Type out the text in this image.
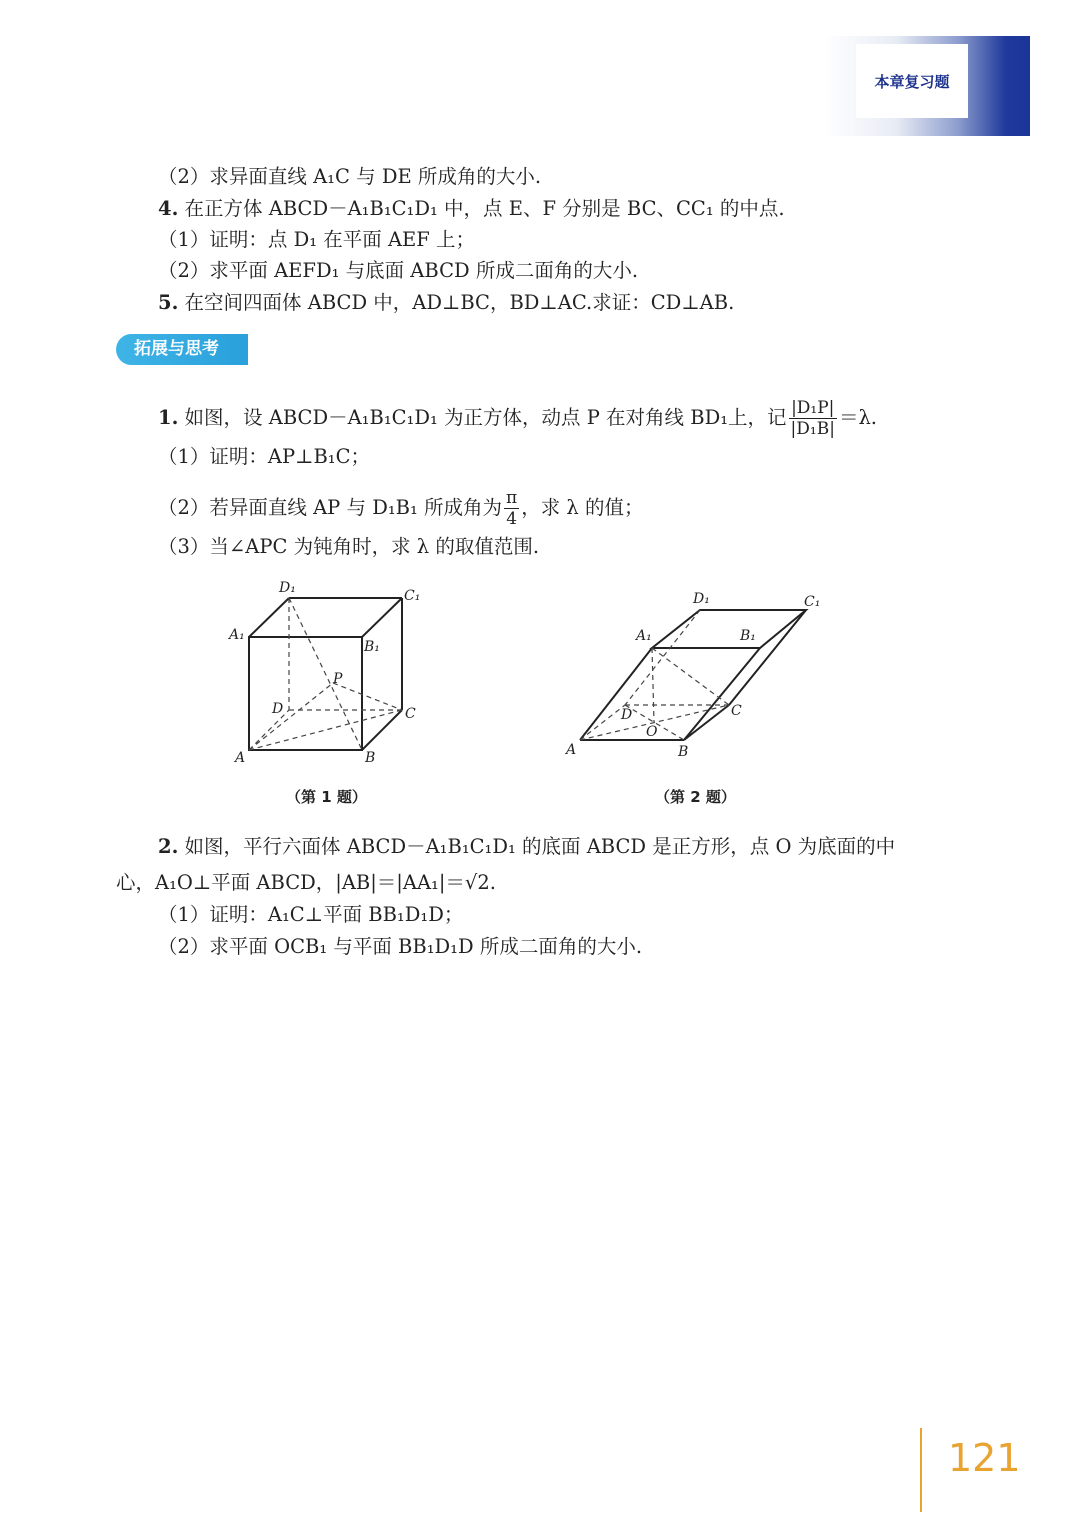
本章复习题
（2）求异面直线 A₁C 与 DE 所成角的大小.
4. 在正方体 ABCD－A₁B₁C₁D₁ 中，点 E、F 分别是 BC、CC₁ 的中点.
（1）证明：点 D₁ 在平面 AEF 上；
（2）求平面 AEFD₁ 与底面 ABCD 所成二面角的大小.
5. 在空间四面体 ABCD 中，AD⊥BC，BD⊥AC.求证：CD⊥AB.
拓展与思考
1. 如图，设 ABCD－A₁B₁C₁D₁ 为正方体，动点 P 在对角线 BD₁上，记 $\frac{\text{|D₁P|}}{\text{|D₁B|}} =\lambda$.
（1）证明：AP⊥B₁C；
（2）若异面直线 AP 与 D₁B₁ 所成角为 $\frac{\pi}{4}$ ，求 λ 的值；
（3）当∠APC 为钝角时，求 λ 的取值范围.
A	B
C
D
A₁
B₁
C₁
D₁
P
（第 1 题）
A	B
C
D
O
A₁	B₁
C₁
D₁
（第 2 题）
2. 如图，平行六面体 ABCD－A₁B₁C₁D₁ 的底面 ABCD 是正方形，点 O 为底面的中
心，A₁O⊥平面 ABCD，|AB|＝|AA₁|＝√2.
（1）证明：A₁C⊥平面 BB₁D₁D；
（2）求平面 OCB₁ 与平面 BB₁D₁D 所成二面角的大小.
121
